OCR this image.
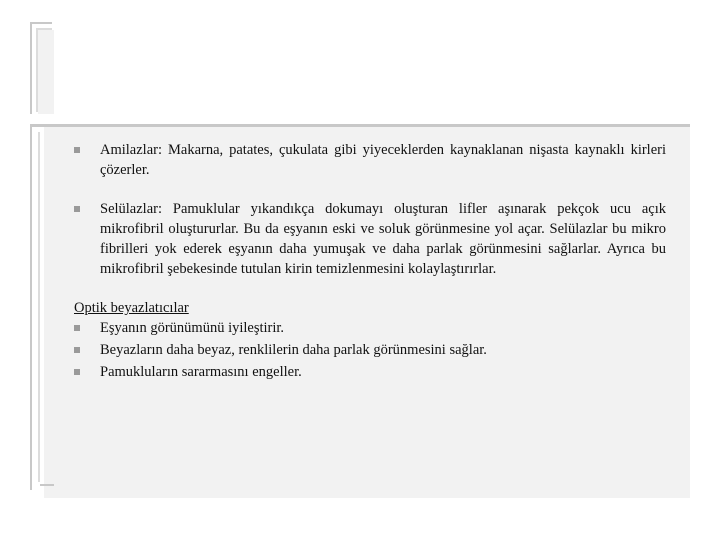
Amilazlar: Makarna, patates, çukulata gibi yiyeceklerden kaynaklanan nişasta kaynaklı kirleri çözerler.
Selülazlar: Pamuklular yıkandıkça dokumayı oluşturan lifler aşınarak pekçok ucu açık mikrofibril oluştururlar. Bu da eşyanın eski ve soluk görünmesine yol açar. Selülazlar bu mikro fibrilleri yok ederek eşyanın daha yumuşak ve daha parlak görünmesini sağlarlar. Ayrıca bu mikrofibril şebekesinde tutulan kirin temizlenmesini kolaylaştırırlar.
Optik beyazlatıcılar
Eşyanın görünümünü iyileştirir.
Beyazların daha beyaz, renklilerin daha parlak görünmesini sağlar.
Pamukluların sararmasını engeller.
